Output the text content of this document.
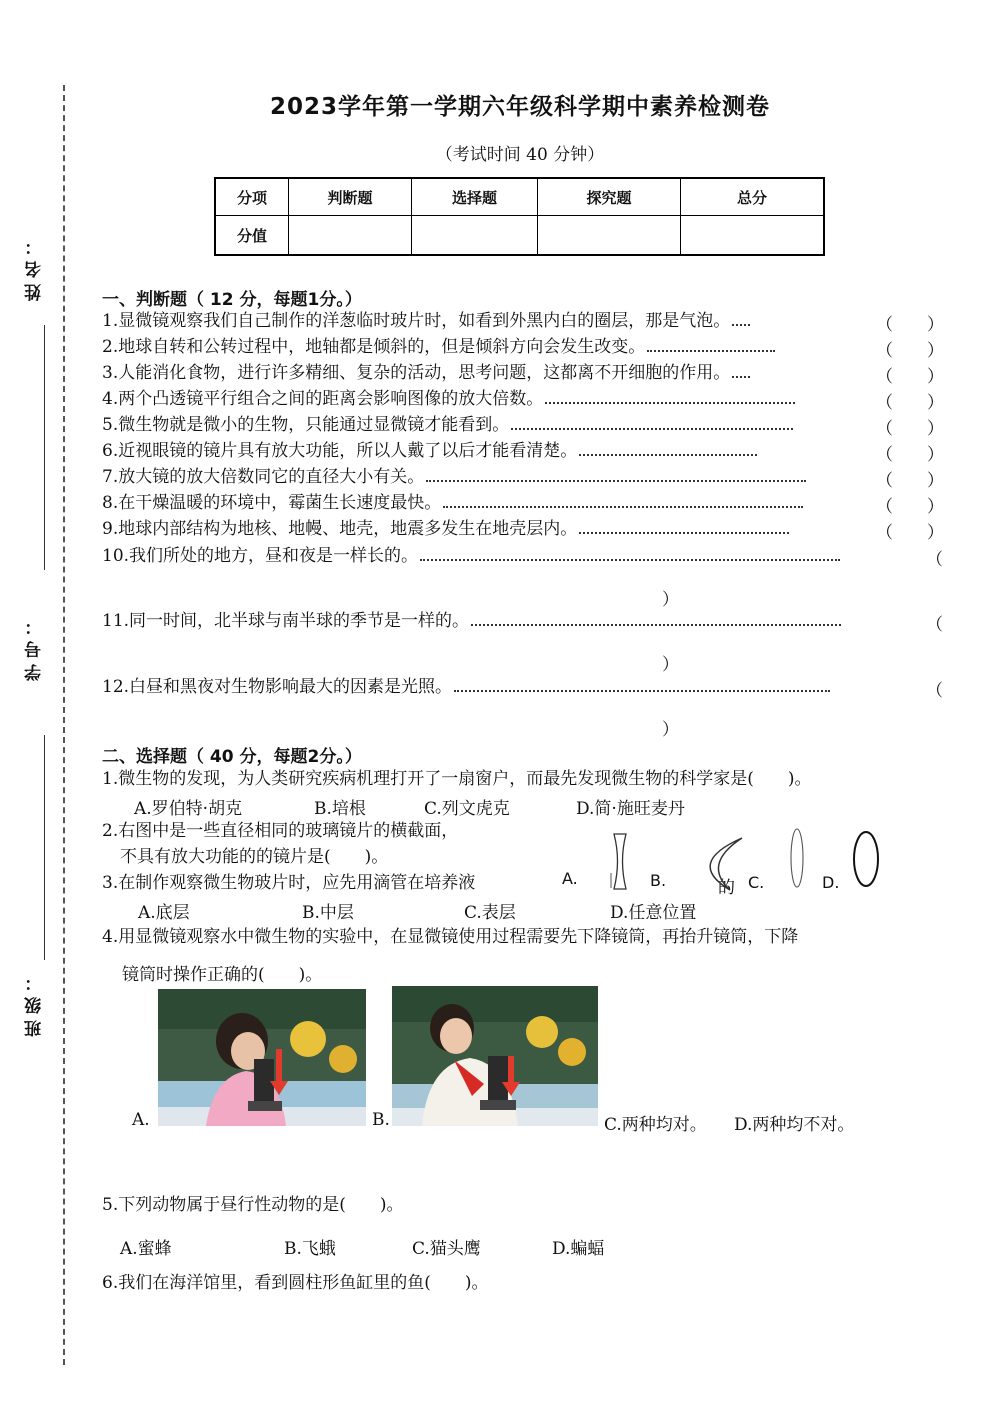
姓名：
学号：
班级：
2023学年第一学期六年级科学期中素养检测卷
（考试时间 40 分钟）
分项	判断题	选择题	探究题	总分
分值				
一、判断题（ 12 分，每题1分。）
1.显微镜观察我们自己制作的洋葱临时玻片时，如看到外黑内白的圈层，那是气泡。	（　　）
2.地球自转和公转过程中，地轴都是倾斜的，但是倾斜方向会发生改变。	（　　）
3.人能消化食物，进行许多精细、复杂的活动，思考问题，这都离不开细胞的作用。	（　　）
4.两个凸透镜平行组合之间的距离会影响图像的放大倍数。	（　　）
5.微生物就是微小的生物，只能通过显微镜才能看到。	（　　）
6.近视眼镜的镜片具有放大功能，所以人戴了以后才能看清楚。	（　　）
7.放大镜的放大倍数同它的直径大小有关。	（　　）
8.在干燥温暖的环境中，霉菌生长速度最快。	（　　）
9.地球内部结构为地核、地幔、地壳，地震多发生在地壳层内。	（　　）
10.我们所处的地方，昼和夜是一样长的。	（
）
11.同一时间，北半球与南半球的季节是一样的。	（
）
12.白昼和黑夜对生物影响最大的因素是光照。	（
）
二、选择题（ 40 分，每题2分。）
1.微生物的发现，为人类研究疾病机理打开了一扇窗户，而最先发现微生物的科学家是(　　)。
A.罗伯特·胡克	B.培根	C.列文虎克	D.简·施旺麦丹
2.右图中是一些直径相同的玻璃镜片的横截面，
不具有放大功能的的镜片是(　　)。
A.	B.	的 C.	D.
3.在制作观察微生物玻片时，应先用滴管在培养液
A.底层	B.中层	C.表层	D.任意位置
4.用显微镜观察水中微生物的实验中，在显微镜使用过程需要先下降镜筒，再抬升镜筒，下降
镜筒时操作正确的(　　)。
A.	B.	C.两种均对。 D.两种均不对。
5.下列动物属于昼行性动物的是(　　)。
A.蜜蜂	B.飞蛾	C.猫头鹰	D.蝙蝠
6.我们在海洋馆里，看到圆柱形鱼缸里的鱼(　　)。
